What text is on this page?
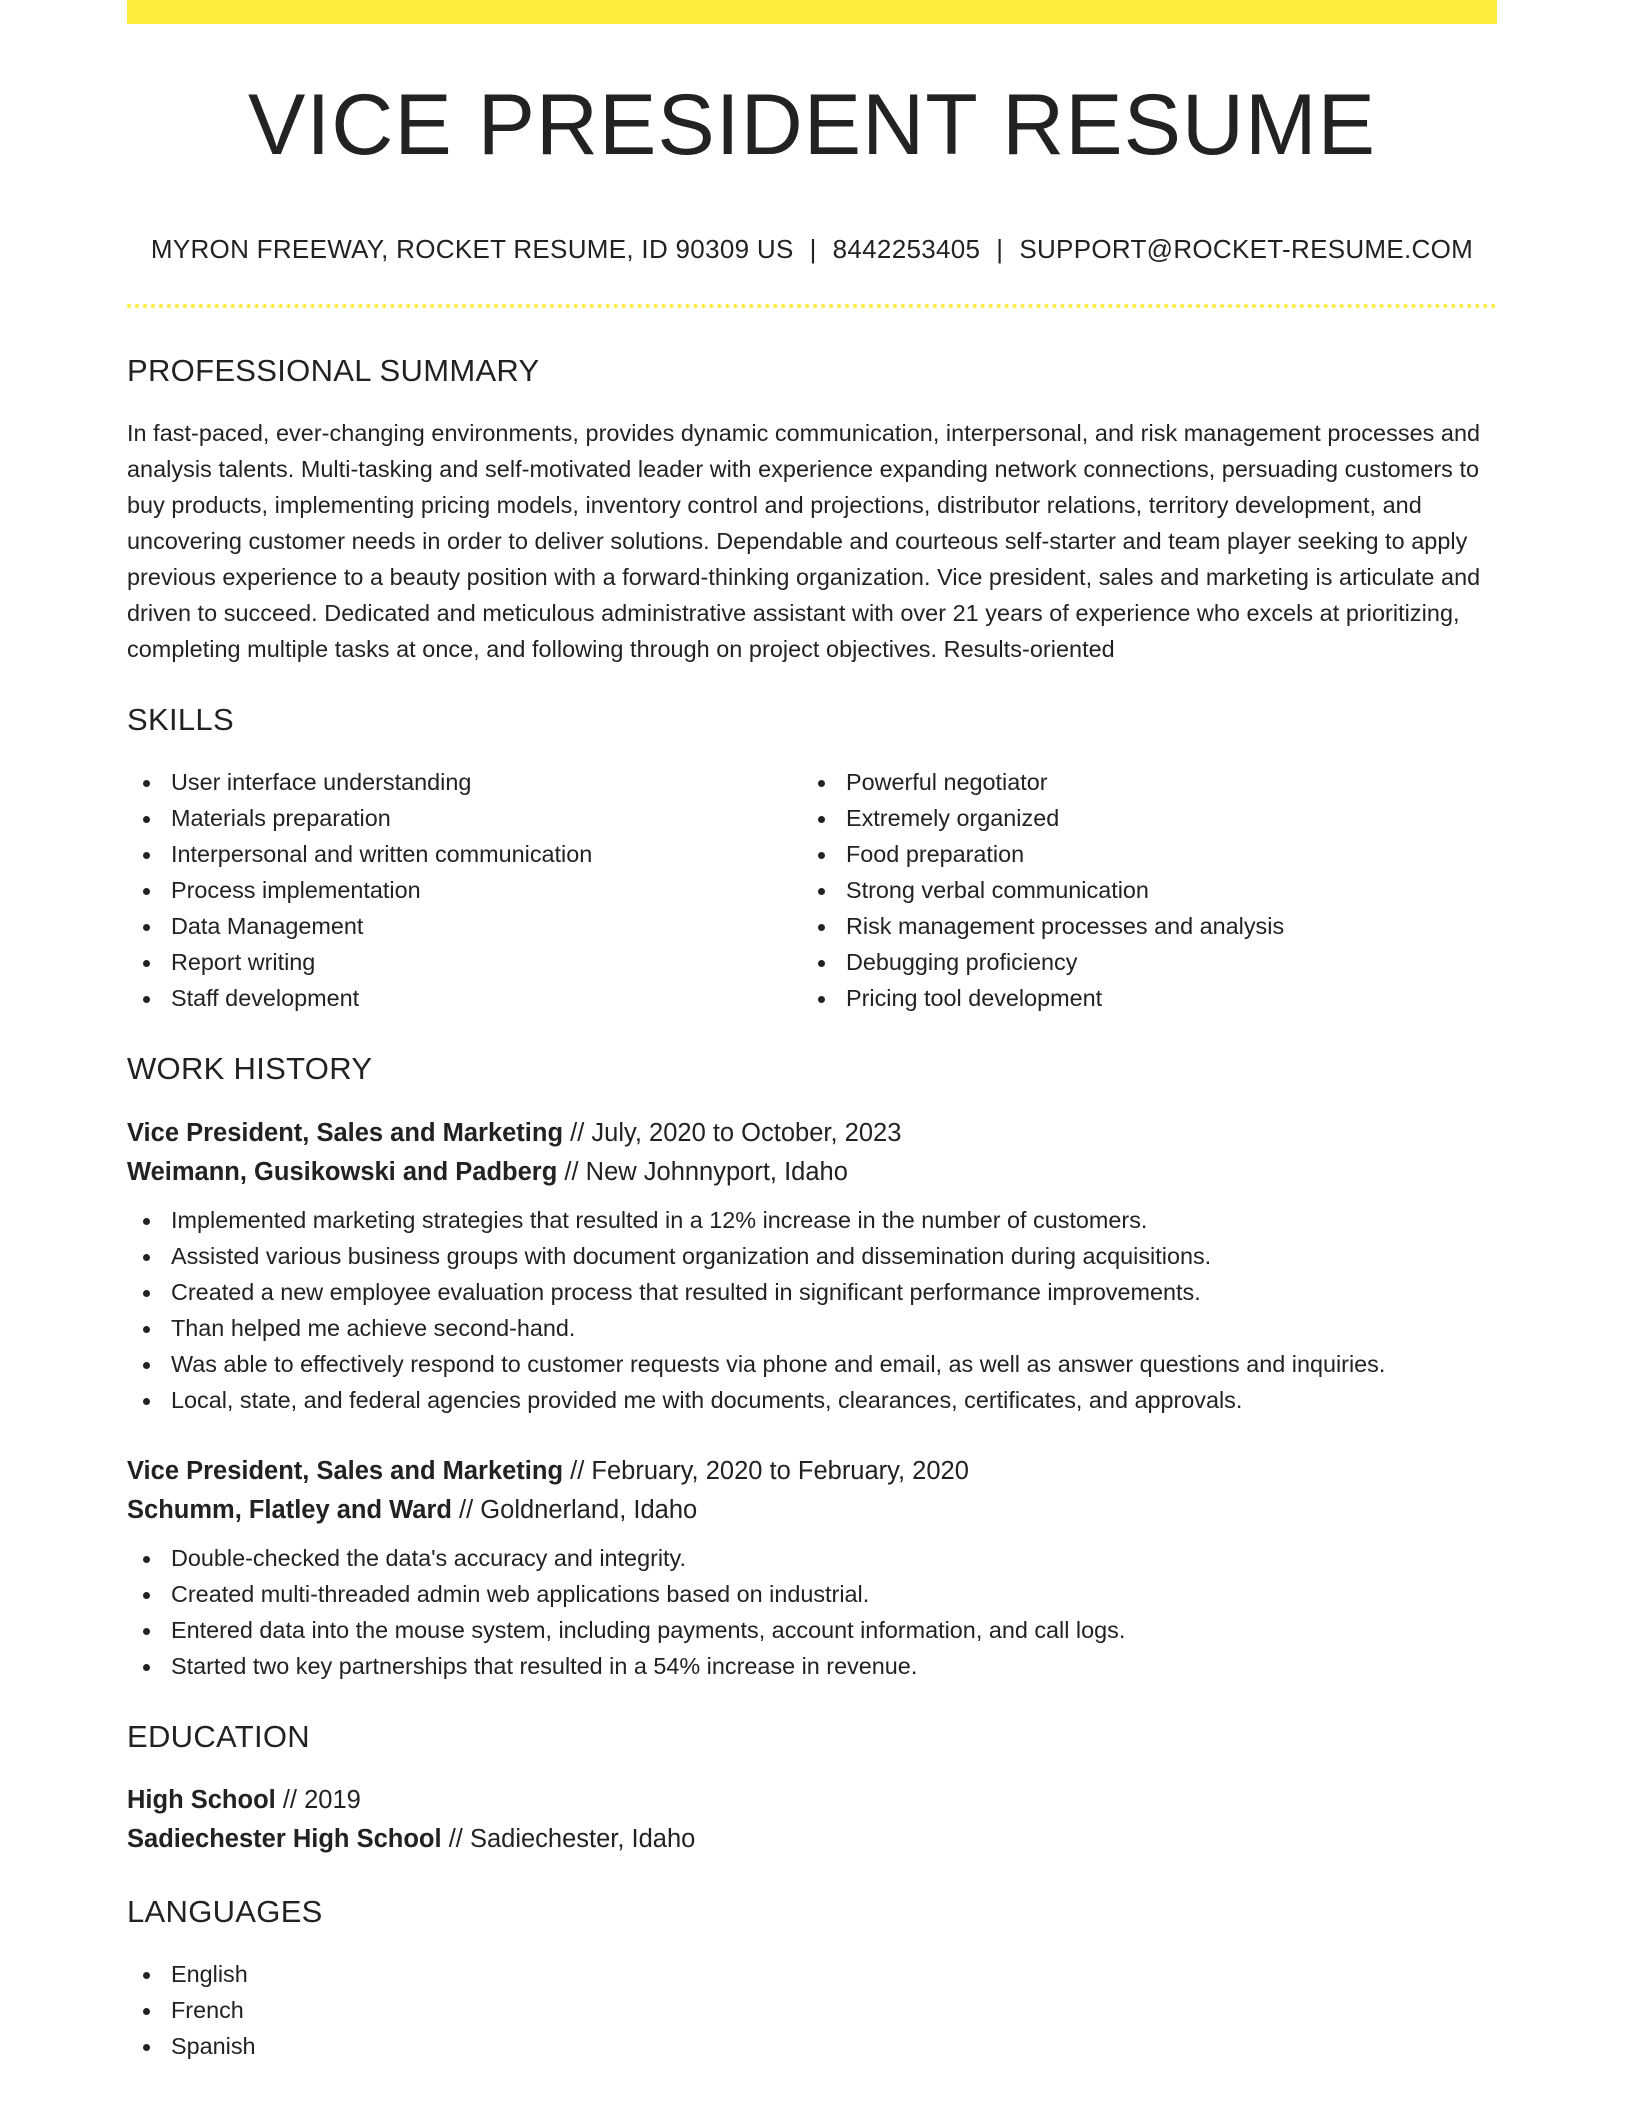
VICE PRESIDENT RESUME
MYRON FREEWAY, ROCKET RESUME, ID 90309 US | 8442253405 | SUPPORT@ROCKET-RESUME.COM
PROFESSIONAL SUMMARY

In fast-paced, ever-changing environments, provides dynamic communication, interpersonal, and risk management processes and analysis talents. Multi-tasking and self-motivated leader with experience expanding network connections, persuading customers to buy products, implementing pricing models, inventory control and projections, distributor relations, territory development, and uncovering customer needs in order to deliver solutions. Dependable and courteous self-starter and team player seeking to apply previous experience to a beauty position with a forward-thinking organization. Vice president, sales and marketing is articulate and driven to succeed. Dedicated and meticulous administrative assistant with over 21 years of experience who excels at prioritizing, completing multiple tasks at once, and following through on project objectives. Results-oriented

SKILLS
User interface understanding
Materials preparation
Interpersonal and written communication
Process implementation
Data Management
Report writing
Staff development
Powerful negotiator
Extremely organized
Food preparation
Strong verbal communication
Risk management processes and analysis
Debugging proficiency
Pricing tool development
WORK HISTORY
Vice President, Sales and Marketing // July, 2020 to October, 2023
Weimann, Gusikowski and Padberg // New Johnnyport, Idaho
Implemented marketing strategies that resulted in a 12% increase in the number of customers.
Assisted various business groups with document organization and dissemination during acquisitions.
Created a new employee evaluation process that resulted in significant performance improvements.
Than helped me achieve second-hand.
Was able to effectively respond to customer requests via phone and email, as well as answer questions and inquiries.
Local, state, and federal agencies provided me with documents, clearances, certificates, and approvals.
Vice President, Sales and Marketing // February, 2020 to February, 2020
Schumm, Flatley and Ward // Goldnerland, Idaho
Double-checked the data's accuracy and integrity.
Created multi-threaded admin web applications based on industrial.
Entered data into the mouse system, including payments, account information, and call logs.
Started two key partnerships that resulted in a 54% increase in revenue.
EDUCATION
High School // 2019
Sadiechester High School // Sadiechester, Idaho
LANGUAGES
English
French
Spanish
